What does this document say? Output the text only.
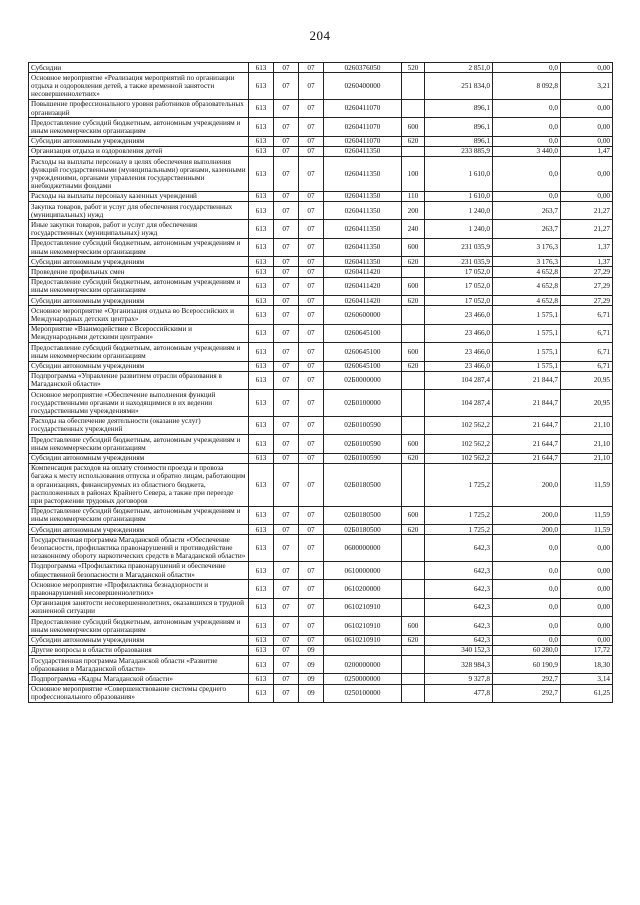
204
Субсидии	613	07	07	0260376050	520	2 851,0	0,0	0,00
Основное мероприятие «Реализация мероприятий по организации отдыха и оздоровления детей, а также временной занятости несовершеннолетних»	613	07	07	0260400000		251 834,0	8 092,8	3,21
Повышение профессионального уровня работников образовательных организаций	613	07	07	0260411070		896,1	0,0	0,00
Предоставление субсидий бюджетным, автономным учреждениям и иным некоммерческим организациям	613	07	07	0260411070	600	896,1	0,0	0,00
Субсидии автономным учреждениям	613	07	07	0260411070	620	896,1	0,0	0,00
Организация отдыха и оздоровления детей	613	07	07	0260411350		233 885,9	3 440,0	1,47
Расходы на выплаты персоналу в целях обеспечения выполнения функций государственными (муниципальными) органами, казенными учреждениями, органами управления государственными внебюджетными фондами	613	07	07	0260411350	100	1 610,0	0,0	0,00
Расходы на выплаты персоналу казенных учреждений	613	07	07	0260411350	110	1 610,0	0,0	0,00
Закупка товаров, работ и услуг для обеспечения государственных (муниципальных) нужд	613	07	07	0260411350	200	1 240,0	263,7	21,27
Иные закупки товаров, работ и услуг для обеспечения государственных (муниципальных) нужд	613	07	07	0260411350	240	1 240,0	263,7	21,27
Предоставление субсидий бюджетным, автономным учреждениям и иным некоммерческим организациям	613	07	07	0260411350	600	231 035,9	3 176,3	1,37
Субсидии автономным учреждениям	613	07	07	0260411350	620	231 035,9	3 176,3	1,37
Проведение профильных смен	613	07	07	0260411420		17 052,0	4 652,8	27,29
Предоставление субсидий бюджетным, автономным учреждениям и иным некоммерческим организациям	613	07	07	0260411420	600	17 052,0	4 652,8	27,29
Субсидии автономным учреждениям	613	07	07	0260411420	620	17 052,0	4 652,8	27,29
Основное мероприятие «Организация отдыха во Всероссийских и Международных детских центрах»	613	07	07	0260600000		23 466,0	1 575,1	6,71
Мероприятие «Взаимодействие с Всероссийскими и Международными детскими центрами»	613	07	07	0260645100		23 466,0	1 575,1	6,71
Предоставление субсидий бюджетным, автономным учреждениям и иным некоммерческим организациям	613	07	07	0260645100	600	23 466,0	1 575,1	6,71
Субсидии автономным учреждениям	613	07	07	0260645100	620	23 466,0	1 575,1	6,71
Подпрограмма «Управление развитием отрасли образования в Магаданской области»	613	07	07	02Б0000000		104 287,4	21 844,7	20,95
Основное мероприятие «Обеспечение выполнения функций государственными органами и находящимися в их ведении государственными учреждениями»	613	07	07	02Б0100000		104 287,4	21 844,7	20,95
Расходы на обеспечение деятельности (оказание услуг) государственных учреждений	613	07	07	02Б0100590		102 562,2	21 644,7	21,10
Предоставление субсидий бюджетным, автономным учреждениям и иным некоммерческим организациям	613	07	07	02Б0100590	600	102 562,2	21 644,7	21,10
Субсидии автономным учреждениям	613	07	07	02Б0100590	620	102 562,2	21 644,7	21,10
Компенсация расходов на оплату стоимости проезда и провоза багажа к месту использования отпуска и обратно лицам, работающим в организациях, финансируемых из областного бюджета, расположенных в районах Крайнего Севера, а также при переезде при расторжении трудовых договоров	613	07	07	02Б0180500		1 725,2	200,0	11,59
Предоставление субсидий бюджетным, автономным учреждениям и иным некоммерческим организациям	613	07	07	02Б0180500	600	1 725,2	200,0	11,59
Субсидии автономным учреждениям	613	07	07	02Б0180500	620	1 725,2	200,0	11,59
Государственная программа Магаданской области «Обеспечение безопасности, профилактика правонарушений и противодействие незаконному обороту наркотических средств в Магаданской области»	613	07	07	0600000000		642,3	0,0	0,00
Подпрограмма «Профилактика правонарушений и обеспечение общественной безопасности в Магаданской области»	613	07	07	0610000000		642,3	0,0	0,00
Основное мероприятие «Профилактика безнадзорности и правонарушений несовершеннолетних»	613	07	07	0610200000		642,3	0,0	0,00
Организация занятости несовершеннолетних, оказавшихся в трудной жизненной ситуации	613	07	07	0610210910		642,3	0,0	0,00
Предоставление субсидий бюджетным, автономным учреждениям и иным некоммерческим организациям	613	07	07	0610210910	600	642,3	0,0	0,00
Субсидии автономным учреждениям	613	07	07	0610210910	620	642,3	0,0	0,00
Другие вопросы в области образования	613	07	09			340 152,3	60 280,0	17,72
Государственная программа Магаданской области «Развитие образования в Магаданской области»	613	07	09	0200000000		328 984,3	60 190,9	18,30
Подпрограмма «Кадры Магаданской области»	613	07	09	0250000000		9 327,8	292,7	3,14
Основное мероприятие «Совершенствование системы среднего профессионального образования»	613	07	09	0250100000		477,8	292,7	61,25
